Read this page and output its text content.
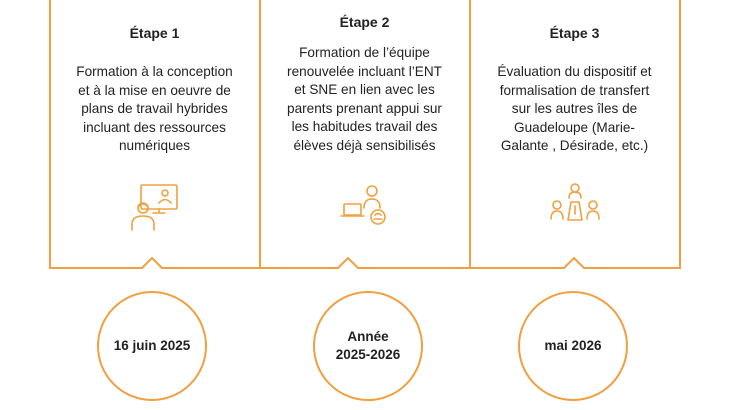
Étape 1
Formation à la conception
et à la mise en oeuvre de
plans de travail hybrides
incluant des ressources
numériques
16 juin 2025
Étape 2
Formation de l’équipe
renouvelée incluant l’ENT
et SNE en lien avec les
parents prenant appui sur
les habitudes travail des
élèves déjà sensibilisés
Année
2025-2026
Étape 3
Évaluation du dispositif et
formalisation de transfert
sur les autres îles de
Guadeloupe (Marie-
Galante , Désirade, etc.)
mai 2026
